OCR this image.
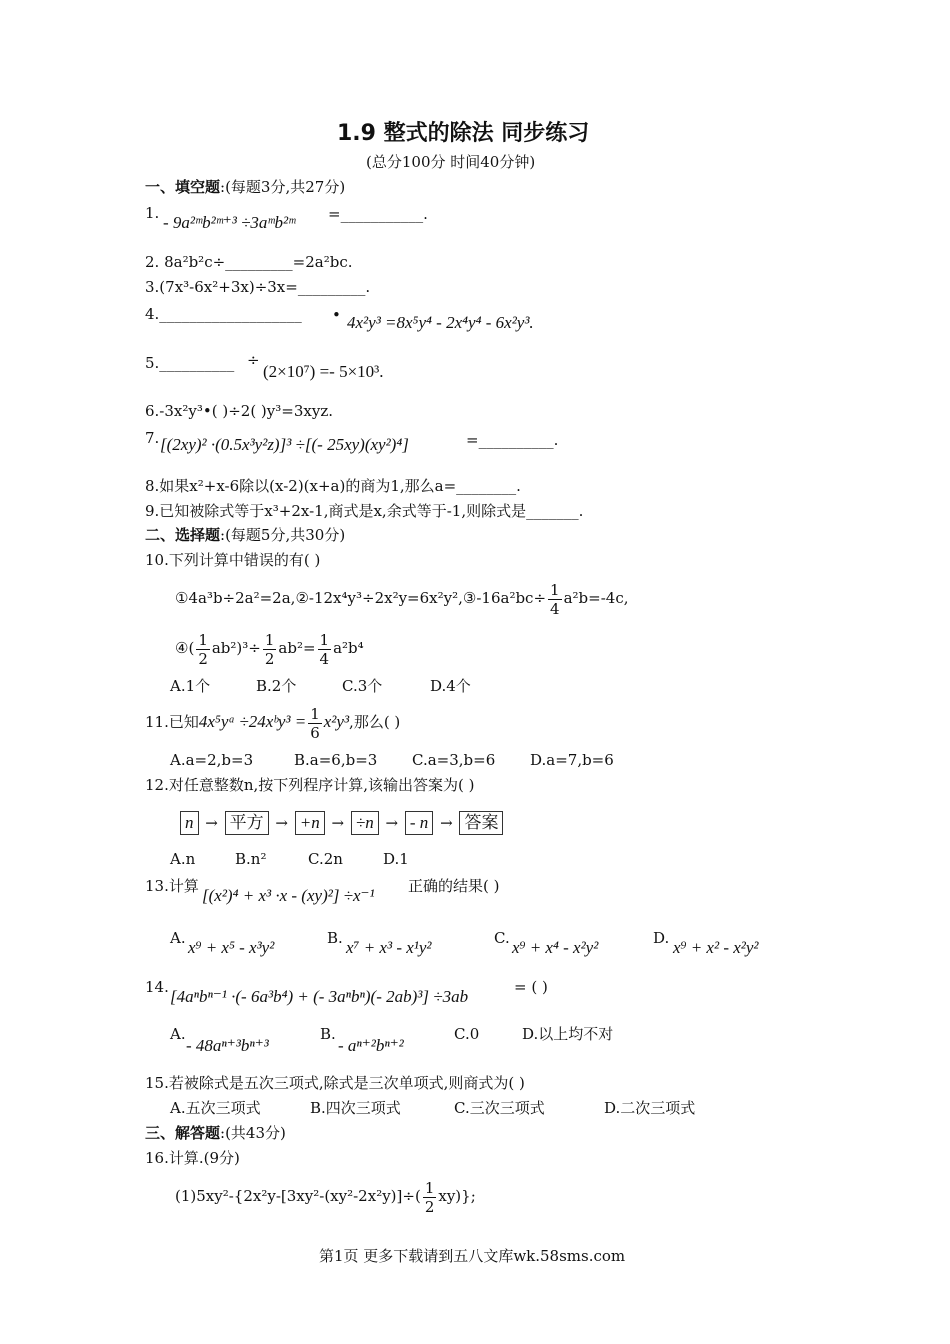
1.9 整式的除法 同步练习
(总分100分 时间40分钟)
一、填空题:(每题3分,共27分)
1. - 9a²ᵐb²ᵐ⁺³ ÷3aᵐb²ᵐ =___________.
2. 8a²b²c÷_________=2a²bc.
3.(7x³-6x²+3x)÷3x=_________.
4.___________________ • 4x²y³ =8x⁵y⁴ - 2x⁴y⁴ - 6x²y³.
5.__________ ÷
(2×10⁷) =- 5×10³.
6.-3x²y³•( )÷2( )y³=3xyz.
7. [(2xy)² ·(0.5x³y²z)]³ ÷[(- 25xy)(xy²)⁴]	=__________.
8.如果x²+x-6除以(x-2)(x+a)的商为1,那么a=________.
9.已知被除式等于x³+2x-1,商式是x,余式等于-1,则除式是_______.
二、选择题:(每题5分,共30分)
10.下列计算中错误的有( )
①4a³b÷2a²=2a,②-12x⁴y³÷2x²y=6x²y²,③-16a²bc÷ $\frac{1}{4} a^2b=-4c$,
④( $\frac{1}{2} ab^2)^3\div \frac{1}{2} ab^2= \frac{1}{4} a^2b^4$
A.1个	B.2个	C.3个	D.4个
11.已知4x⁵yᵃ ÷24xᵇy³ = $\frac{1}{6} x^2y^3$,那么( )
A.a=2,b=3	B.a=6,b=3 C.a=3,b=6 D.a=7,b=6
12.对任意整数n,按下列程序计算,该输出答案为( )
n → 平方 → +n → ÷n → - n → 答案
A.n	B.n²	C.2n	D.1
13.计算 [(x²)⁴ + x³ ·x - (xy)²] ÷x⁻¹ 正确的结果( )
A. x⁹ + x⁵ - x³y²	B. x⁷ + x³ - x¹y²	C. x⁹ + x⁴ - x²y²	D. x⁹ + x² - x²y²
14. [4aⁿbⁿ⁻¹ ·(- 6a³b⁴) + (- 3aⁿbⁿ)(- 2ab)³] ÷3ab	= ( )
A.
- 48aⁿ⁺³bⁿ⁺³
B.
- aⁿ⁺²bⁿ⁺²
C.0	D.以上均不对
15.若被除式是五次三项式,除式是三次单项式,则商式为( )
A.五次三项式	B.四次三项式	C.三次三项式	D.二次三项式
三、解答题:(共43分)
16.计算.(9分)
$(1)5xy^2-\{2x^2y-[3xy^2-(xy^2-2x^2y)]\div( \frac{1}{2} xy)\}$;
第1页 更多下载请到五八文库wk.58sms.com
